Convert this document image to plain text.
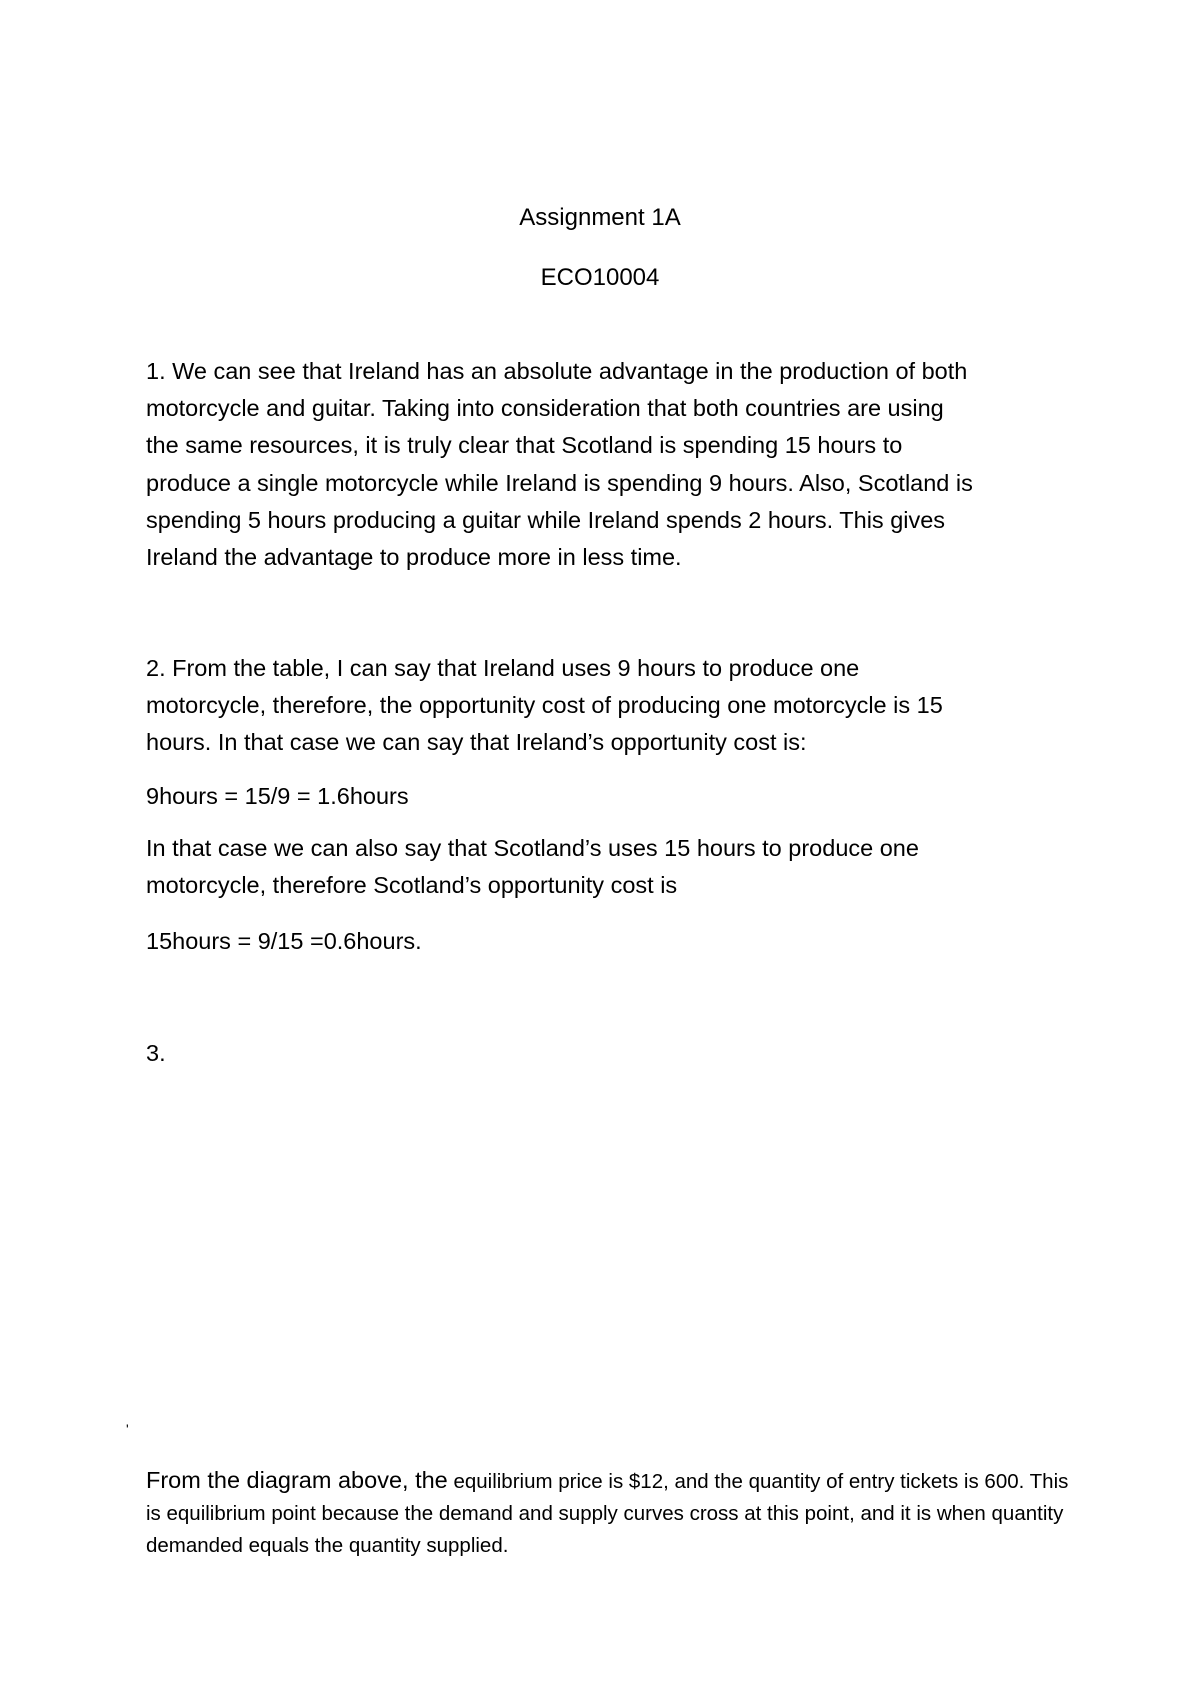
Assignment 1A
ECO10004
1. We can see that Ireland has an absolute advantage in the production of both
motorcycle and guitar. Taking into consideration that both countries are using
the same resources, it is truly clear that Scotland is spending 15 hours to
produce a single motorcycle while Ireland is spending 9 hours. Also, Scotland is
spending 5 hours producing a guitar while Ireland spends 2 hours. This gives
Ireland the advantage to produce more in less time.
2. From the table, I can say that Ireland uses 9 hours to produce one
motorcycle, therefore, the opportunity cost of producing one motorcycle is 15
hours. In that case we can say that Ireland’s opportunity cost is:
9hours = 15/9 = 1.6hours
In that case we can also say that Scotland’s uses 15 hours to produce one
motorcycle, therefore Scotland’s opportunity cost is
15hours = 9/15 =0.6hours.
3.
'
From the diagram above, the equilibrium price is $12, and the quantity of entry tickets is 600. This is equilibrium point because the demand and supply curves cross at this point, and it is when quantity demanded equals the quantity supplied.
